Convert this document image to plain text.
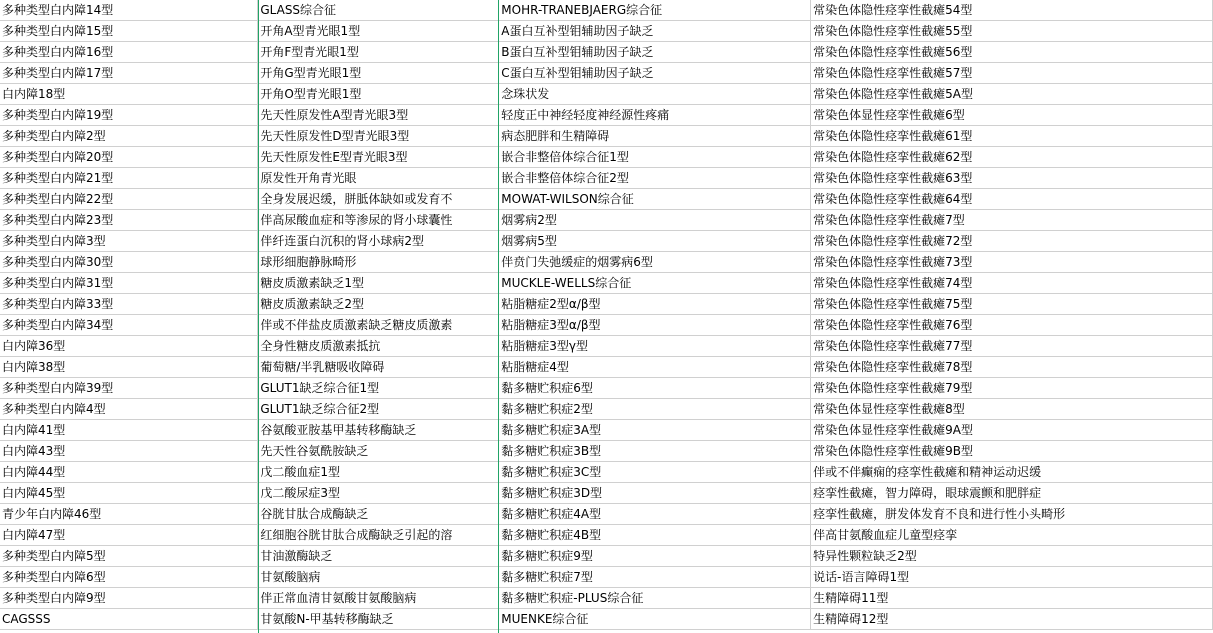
多种类型白内障14型	GLASS综合征	MOHR-TRANEBJAERG综合征	常染色体隐性痉挛性截瘫54型
多种类型白内障15型	开角A型青光眼1型	A蛋白互补型钼辅助因子缺乏	常染色体隐性痉挛性截瘫55型
多种类型白内障16型	开角F型青光眼1型	B蛋白互补型钼辅助因子缺乏	常染色体隐性痉挛性截瘫56型
多种类型白内障17型	开角G型青光眼1型	C蛋白互补型钼辅助因子缺乏	常染色体隐性痉挛性截瘫57型
白内障18型	开角O型青光眼1型	念珠状发	常染色体隐性痉挛性截瘫5A型
多种类型白内障19型	先天性原发性A型青光眼3型	轻度正中神经轻度神经源性疼痛	常染色体显性痉挛性截瘫6型
多种类型白内障2型	先天性原发性D型青光眼3型	病态肥胖和生精障碍	常染色体隐性痉挛性截瘫61型
多种类型白内障20型	先天性原发性E型青光眼3型	嵌合非整倍体综合征1型	常染色体隐性痉挛性截瘫62型
多种类型白内障21型	原发性开角青光眼	嵌合非整倍体综合征2型	常染色体隐性痉挛性截瘫63型
多种类型白内障22型	全身发展迟缓，胼胝体缺如或发育不	MOWAT-WILSON综合征	常染色体隐性痉挛性截瘫64型
多种类型白内障23型	伴高尿酸血症和等渗尿的肾小球囊性	烟雾病2型	常染色体隐性痉挛性截瘫7型
多种类型白内障3型	伴纤连蛋白沉积的肾小球病2型	烟雾病5型	常染色体隐性痉挛性截瘫72型
多种类型白内障30型	球形细胞静脉畸形	伴贲门失弛缓症的烟雾病6型	常染色体隐性痉挛性截瘫73型
多种类型白内障31型	糖皮质激素缺乏1型	MUCKLE-WELLS综合征	常染色体隐性痉挛性截瘫74型
多种类型白内障33型	糖皮质激素缺乏2型	粘脂糖症2型α/β型	常染色体隐性痉挛性截瘫75型
多种类型白内障34型	伴或不伴盐皮质激素缺乏糖皮质激素	粘脂糖症3型α/β型	常染色体隐性痉挛性截瘫76型
白内障36型	全身性糖皮质激素抵抗	粘脂糖症3型γ型	常染色体隐性痉挛性截瘫77型
白内障38型	葡萄糖/半乳糖吸收障碍	粘脂糖症4型	常染色体隐性痉挛性截瘫78型
多种类型白内障39型	GLUT1缺乏综合征1型	黏多糖贮积症6型	常染色体隐性痉挛性截瘫79型
多种类型白内障4型	GLUT1缺乏综合征2型	黏多糖贮积症2型	常染色体显性痉挛性截瘫8型
白内障41型	谷氨酸亚胺基甲基转移酶缺乏	黏多糖贮积症3A型	常染色体显性痉挛性截瘫9A型
白内障43型	先天性谷氨酰胺缺乏	黏多糖贮积症3B型	常染色体隐性痉挛性截瘫9B型
白内障44型	戊二酸血症1型	黏多糖贮积症3C型	伴或不伴癫痫的痉挛性截瘫和精神运动迟缓
白内障45型	戊二酸尿症3型	黏多糖贮积症3D型	痉挛性截瘫，智力障碍，眼球震颤和肥胖症
青少年白内障46型	谷胱甘肽合成酶缺乏	黏多糖贮积症4A型	痉挛性截瘫，胼发体发育不良和进行性小头畸形
白内障47型	红细胞谷胱甘肽合成酶缺乏引起的溶	黏多糖贮积症4B型	伴高甘氨酸血症儿童型痉挛
多种类型白内障5型	甘油激酶缺乏	黏多糖贮积症9型	特异性颗粒缺乏2型
多种类型白内障6型	甘氨酸脑病	黏多糖贮积症7型	说话-语言障碍1型
多种类型白内障9型	伴正常血清甘氨酸甘氨酸脑病	黏多糖贮积症-PLUS综合征	生精障碍11型
CAGSSS	甘氨酸N-甲基转移酶缺乏	MUENKE综合征	生精障碍12型
